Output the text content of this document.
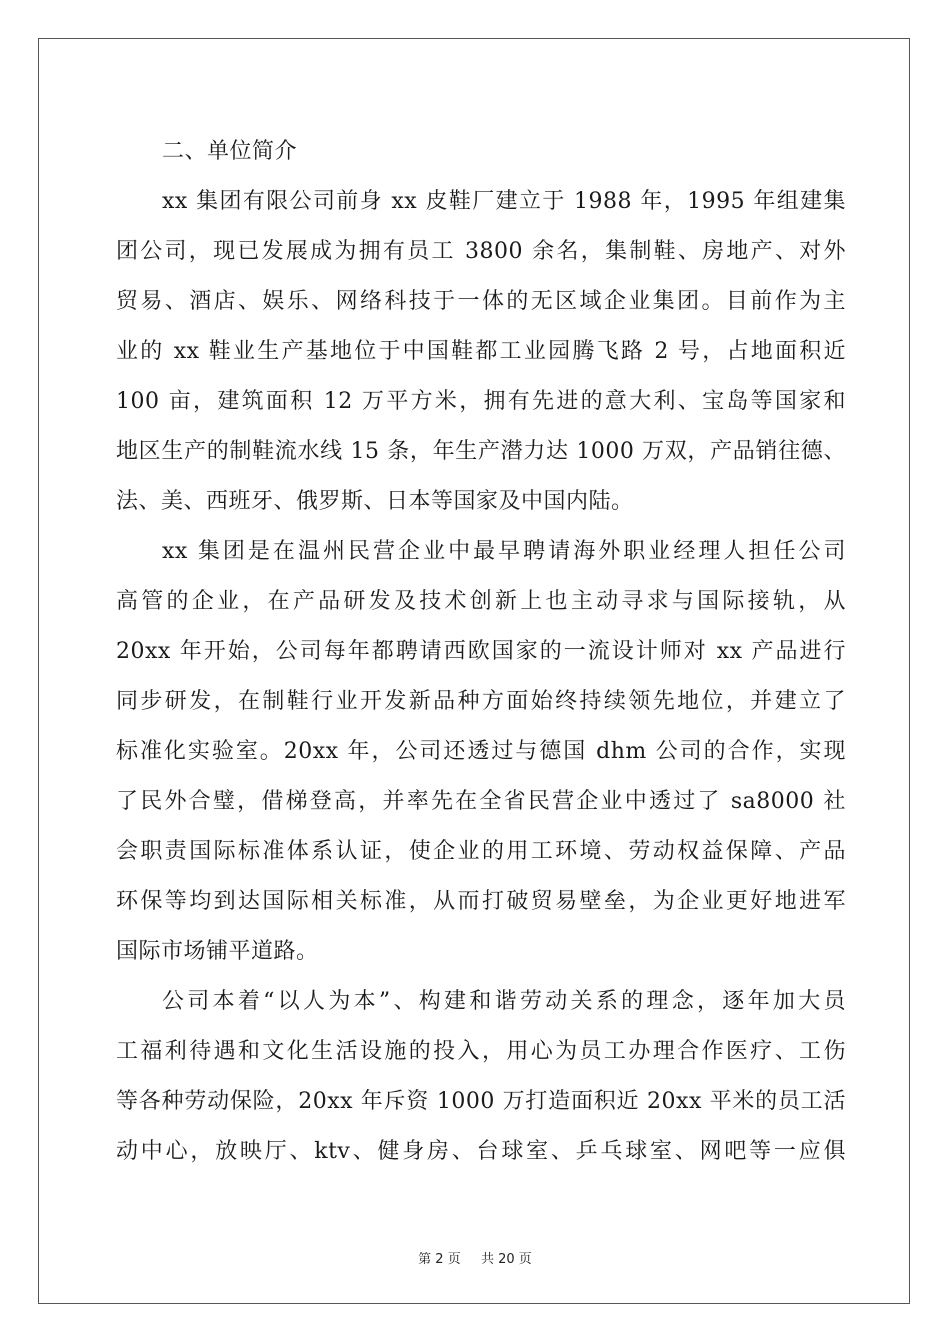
二、单位简介
xx 集团有限公司前身 xx 皮鞋厂建立于 1988 年，1995 年组建集
团公司，现已发展成为拥有员工 3800 余名，集制鞋、房地产、对外
贸易、酒店、娱乐、网络科技于一体的无区域企业集团。目前作为主
业的 xx 鞋业生产基地位于中国鞋都工业园腾飞路 2 号，占地面积近
100 亩，建筑面积 12 万平方米，拥有先进的意大利、宝岛等国家和
地区生产的制鞋流水线 15 条，年生产潜力达 1000 万双，产品销往德、
法、美、西班牙、俄罗斯、日本等国家及中国内陆。
xx 集团是在温州民营企业中最早聘请海外职业经理人担任公司
高管的企业，在产品研发及技术创新上也主动寻求与国际接轨，从
20xx 年开始，公司每年都聘请西欧国家的一流设计师对 xx 产品进行
同步研发，在制鞋行业开发新品种方面始终持续领先地位，并建立了
标准化实验室。20xx 年，公司还透过与德国 dhm 公司的合作，实现
了民外合璧，借梯登高，并率先在全省民营企业中透过了 sa8000 社
会职责国际标准体系认证，使企业的用工环境、劳动权益保障、产品
环保等均到达国际相关标准，从而打破贸易壁垒，为企业更好地进军
国际市场铺平道路。
公司本着“以人为本”、构建和谐劳动关系的理念，逐年加大员
工福利待遇和文化生活设施的投入，用心为员工办理合作医疗、工伤
等各种劳动保险，20xx 年斥资 1000 万打造面积近 20xx 平米的员工活
动中心，放映厅、ktv、健身房、台球室、乒乓球室、网吧等一应俱
第 2 页 共 20 页
